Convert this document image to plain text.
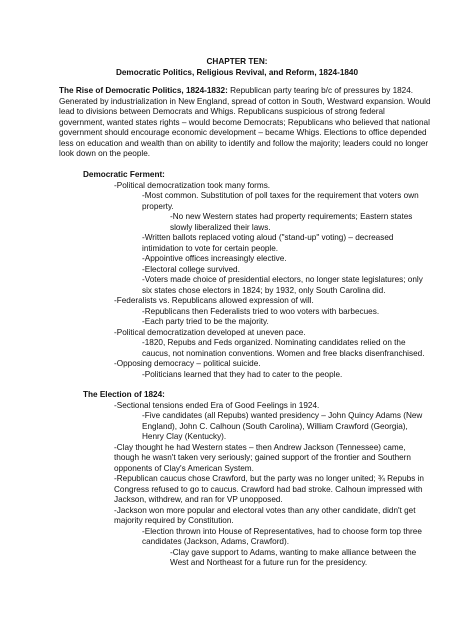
CHAPTER TEN:
Democratic Politics, Religious Revival, and Reform, 1824-1840
The Rise of Democratic Politics, 1824-1832: Republican party tearing b/c of pressures by 1824.
Generated by industrialization in New England, spread of cotton in South, Westward expansion. Would
lead to divisions between Democrats and Whigs. Republicans suspicious of strong federal
government, wanted states rights – would become Democrats; Republicans who believed that national
government should encourage economic development – became Whigs. Elections to office depended
less on education and wealth than on ability to identify and follow the majority; leaders could no longer
look down on the people.
Democratic Ferment:
-Political democratization took many forms.
-Most common. Substitution of poll taxes for the requirement that voters own
property.
-No new Western states had property requirements; Eastern states
slowly liberalized their laws.
-Written ballots replaced voting aloud ("stand-up" voting) – decreased
intimidation to vote for certain people.
-Appointive offices increasingly elective.
-Electoral college survived.
-Voters made choice of presidential electors, no longer state legislatures; only
six states chose electors in 1824; by 1932, only South Carolina did.
-Federalists vs. Republicans allowed expression of will.
-Republicans then Federalists tried to woo voters with barbecues.
-Each party tried to be the majority.
-Political democratization developed at uneven pace.
-1820, Repubs and Feds organized. Nominating candidates relied on the
caucus, not nomination conventions. Women and free blacks disenfranchised.
-Opposing democracy – political suicide.
-Politicians learned that they had to cater to the people.
The Election of 1824:
-Sectional tensions ended Era of Good Feelings in 1924.
-Five candidates (all Repubs) wanted presidency – John Quincy Adams (New
England), John C. Calhoun (South Carolina), William Crawford (Georgia),
Henry Clay (Kentucky).
-Clay thought he had Western states – then Andrew Jackson (Tennessee) came,
though he wasn't taken very seriously; gained support of the frontier and Southern
opponents of Clay's American System.
-Republican caucus chose Crawford, but the party was no longer united; ¾ Repubs in
Congress refused to go to caucus. Crawford had bad stroke. Calhoun impressed with
Jackson, withdrew, and ran for VP unopposed.
-Jackson won more popular and electoral votes than any other candidate, didn't get
majority required by Constitution.
-Election thrown into House of Representatives, had to choose form top three
candidates (Jackson, Adams, Crawford).
-Clay gave support to Adams, wanting to make alliance between the
West and Northeast for a future run for the presidency.
